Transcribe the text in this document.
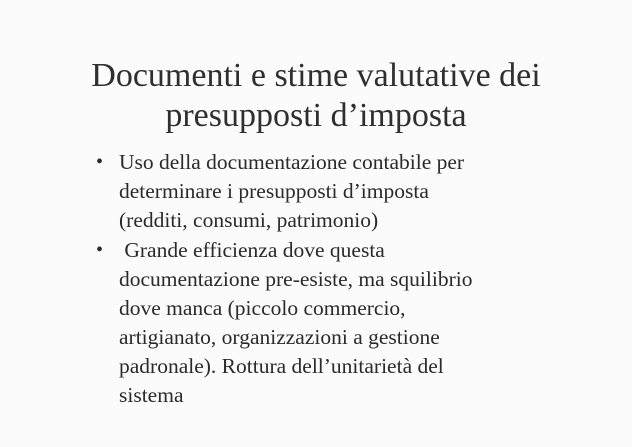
Documenti e stime valutative dei
presupposti d’imposta
• Uso della documentazione contabile per
determinare i presupposti d’imposta
(redditi, consumi, patrimonio)
• Grande efficienza dove questa
documentazione pre-esiste, ma squilibrio
dove manca (piccolo commercio,
artigianato, organizzazioni a gestione
padronale). Rottura dell’unitarietà del
sistema
